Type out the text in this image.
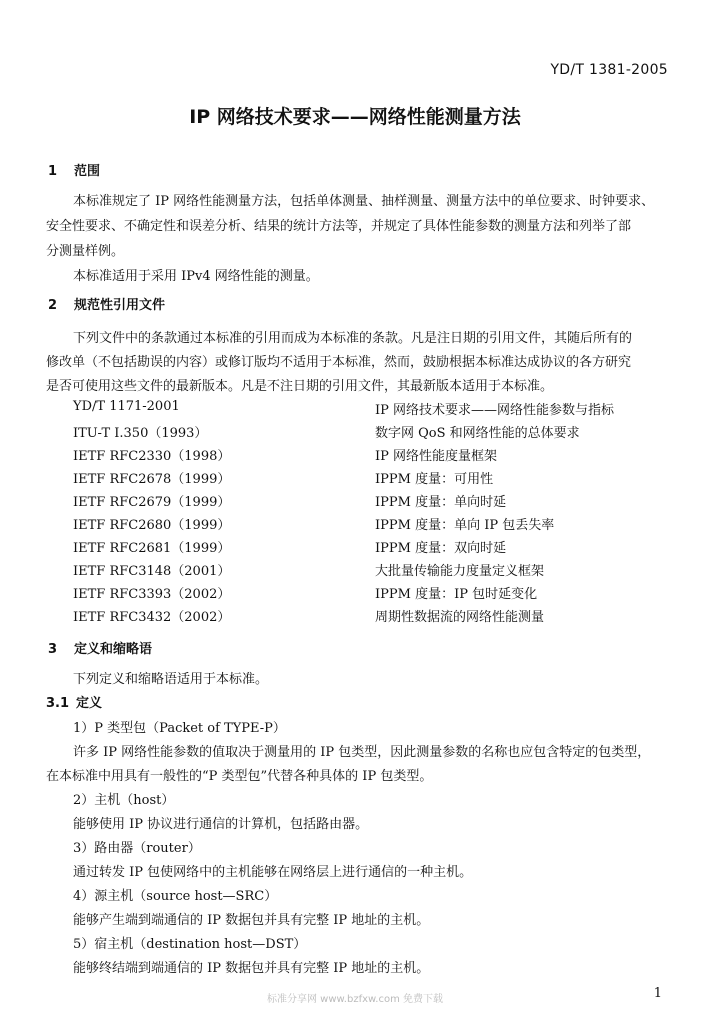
YD/T 1381-2005
IP 网络技术要求——网络性能测量方法
1 范围
本标准规定了 IP 网络性能测量方法，包括单体测量、抽样测量、测量方法中的单位要求、时钟要求、
安全性要求、不确定性和误差分析、结果的统计方法等，并规定了具体性能参数的测量方法和列举了部
分测量样例。
本标准适用于采用 IPv4 网络性能的测量。
2 规范性引用文件
下列文件中的条款通过本标准的引用而成为本标准的条款。凡是注日期的引用文件，其随后所有的
修改单（不包括勘误的内容）或修订版均不适用于本标准，然而，鼓励根据本标准达成协议的各方研究
是否可使用这些文件的最新版本。凡是不注日期的引用文件，其最新版本适用于本标准。
YD/T 1171-2001	IP 网络技术要求——网络性能参数与指标
ITU-T I.350（1993）	数字网 QoS 和网络性能的总体要求
IETF RFC2330（1998）	IP 网络性能度量框架
IETF RFC2678（1999）	IPPM 度量：可用性
IETF RFC2679（1999）	IPPM 度量：单向时延
IETF RFC2680（1999）	IPPM 度量：单向 IP 包丢失率
IETF RFC2681（1999）	IPPM 度量：双向时延
IETF RFC3148（2001）	大批量传输能力度量定义框架
IETF RFC3393（2002）	IPPM 度量：IP 包时延变化
IETF RFC3432（2002）	周期性数据流的网络性能测量
3 定义和缩略语
下列定义和缩略语适用于本标准。
3.1 定义
1）P 类型包（Packet of TYPE-P）
许多 IP 网络性能参数的值取决于测量用的 IP 包类型，因此测量参数的名称也应包含特定的包类型，
在本标准中用具有一般性的“P 类型包”代替各种具体的 IP 包类型。
2）主机（host）
能够使用 IP 协议进行通信的计算机，包括路由器。
3）路由器（router）
通过转发 IP 包使网络中的主机能够在网络层上进行通信的一种主机。
4）源主机（source host—SRC）
能够产生端到端通信的 IP 数据包并具有完整 IP 地址的主机。
5）宿主机（destination host—DST）
能够终结端到端通信的 IP 数据包并具有完整 IP 地址的主机。
标准分享网 www.bzfxw.com 免费下载	1
